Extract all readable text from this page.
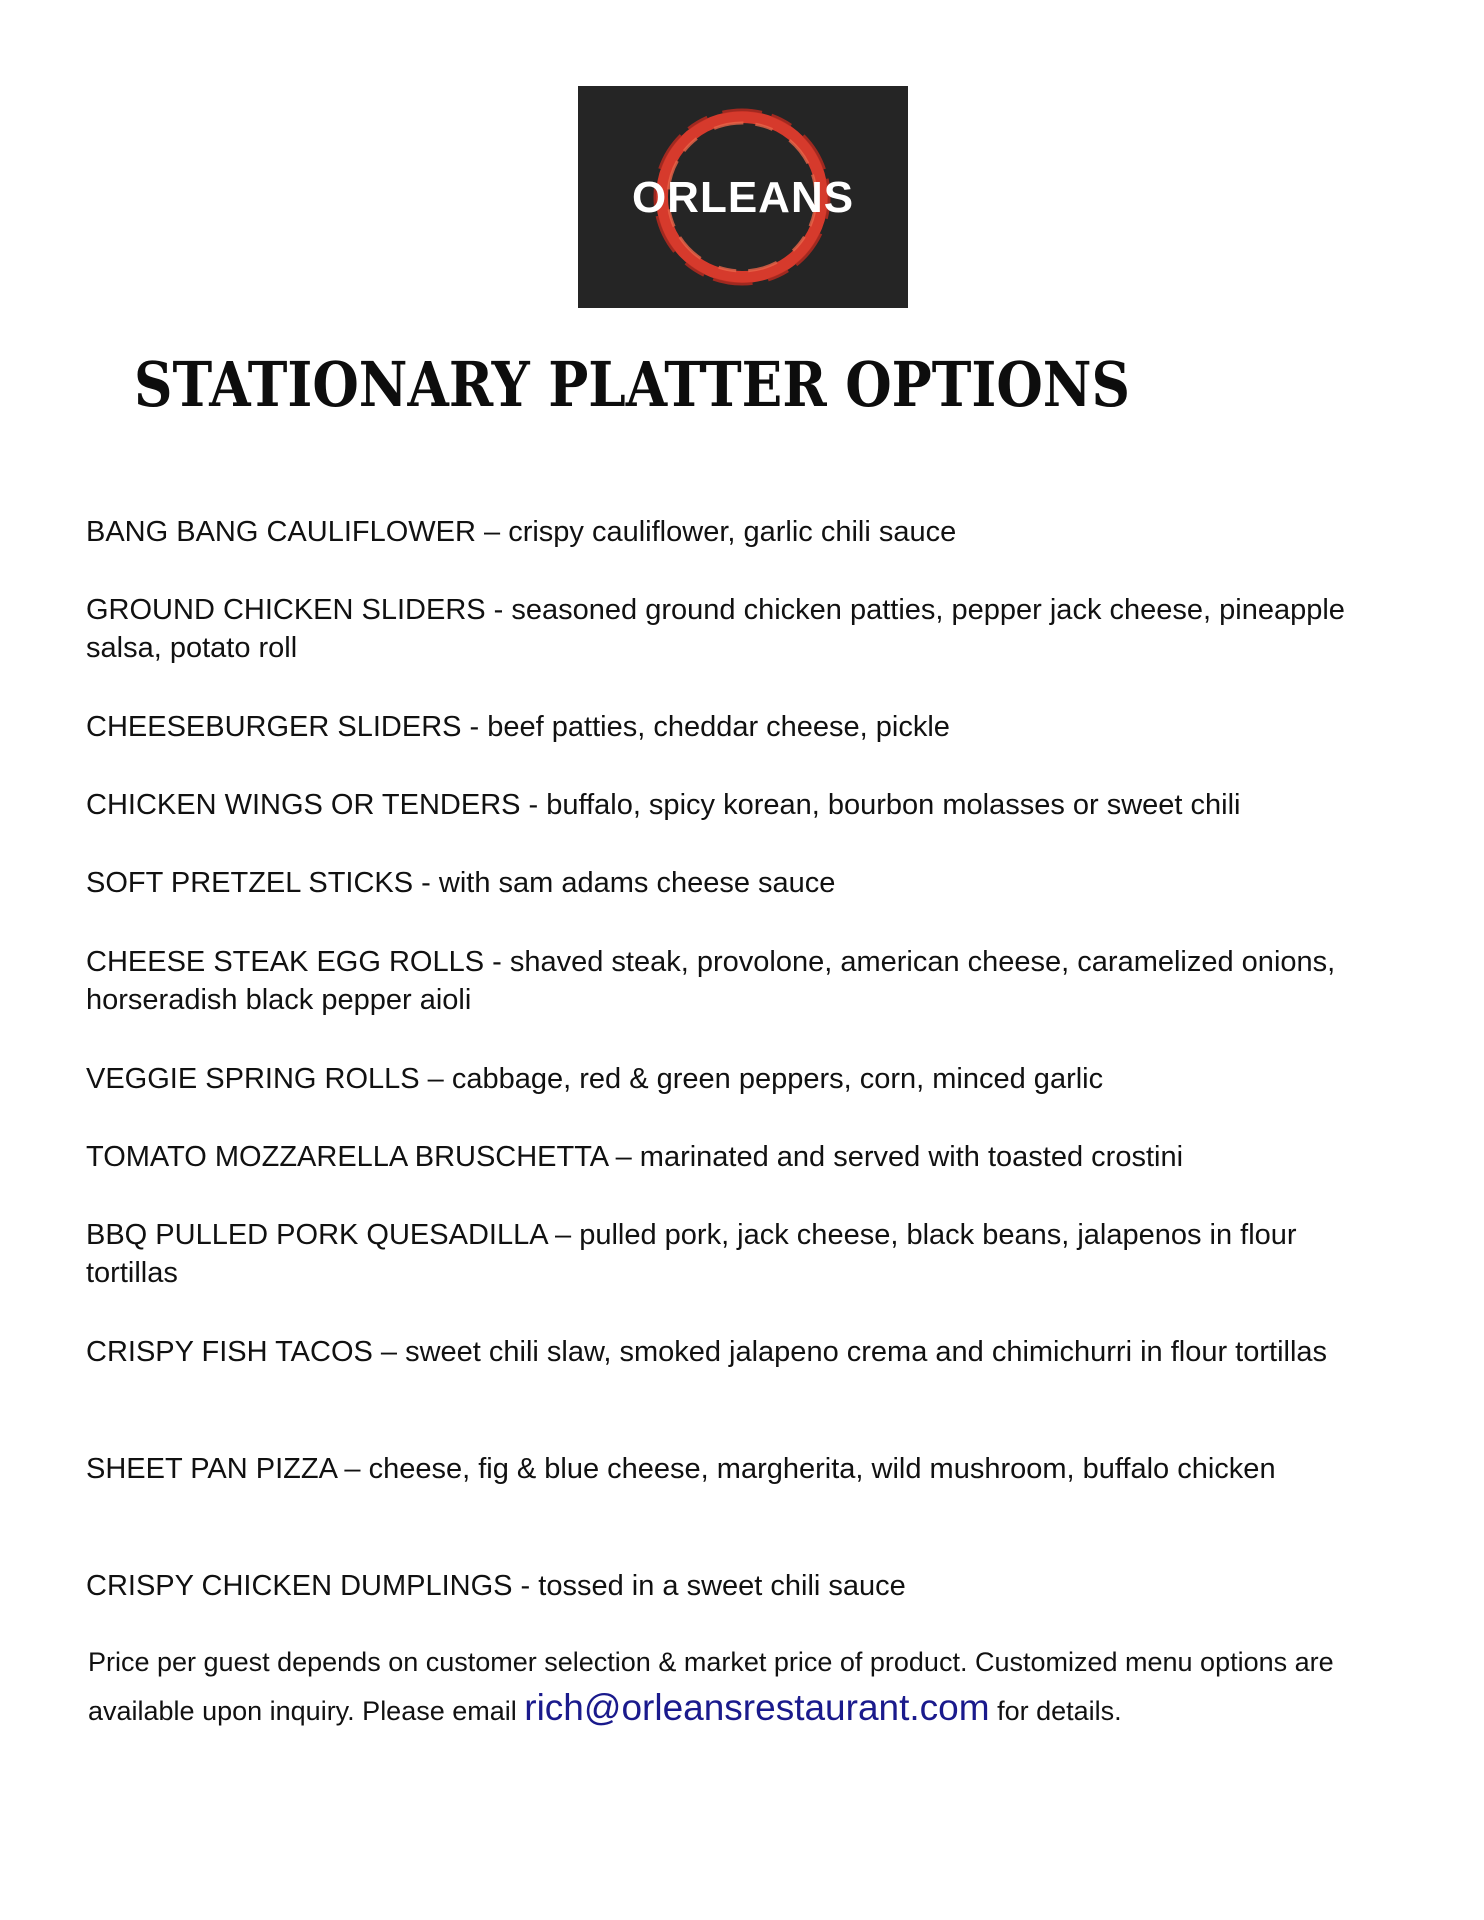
ORLEANS
STATIONARY PLATTER OPTIONS

BANG BANG CAULIFLOWER – crispy cauliflower, garlic chili sauce

GROUND CHICKEN SLIDERS - seasoned ground chicken patties, pepper jack cheese, pineapple salsa, potato roll

CHEESEBURGER SLIDERS - beef patties, cheddar cheese, pickle

CHICKEN WINGS OR TENDERS - buffalo, spicy korean, bourbon molasses or sweet chili

SOFT PRETZEL STICKS - with sam adams cheese sauce

CHEESE STEAK EGG ROLLS - shaved steak, provolone, american cheese, caramelized onions, horseradish black pepper aioli

VEGGIE SPRING ROLLS – cabbage, red & green peppers, corn, minced garlic

TOMATO MOZZARELLA BRUSCHETTA – marinated and served with toasted crostini

BBQ PULLED PORK QUESADILLA – pulled pork, jack cheese, black beans, jalapenos in flour tortillas

CRISPY FISH TACOS – sweet chili slaw, smoked jalapeno crema and chimichurri in flour tortillas

SHEET PAN PIZZA – cheese, fig & blue cheese, margherita, wild mushroom, buffalo chicken

CRISPY CHICKEN DUMPLINGS - tossed in a sweet chili sauce

Price per guest depends on customer selection & market price of product. Customized menu options are available upon inquiry. Please email rich@orleansrestaurant.com for details.
